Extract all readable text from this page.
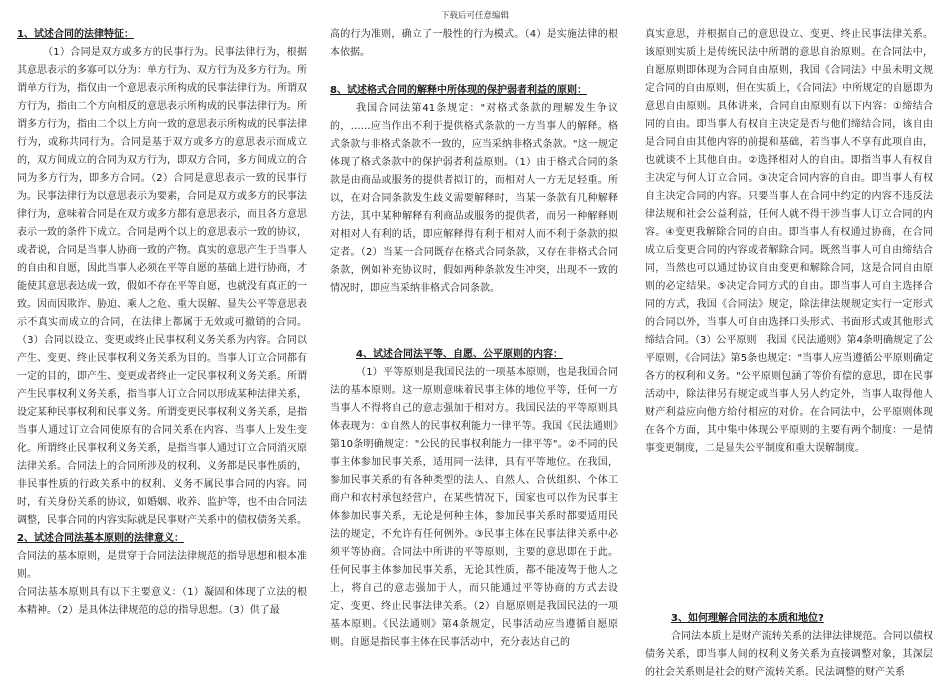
下载后可任意编辑

1、试述合同的法律特征：

（1）合同是双方或多方的民事行为。民事法律行为，根据其意思表示的多寡可以分为：单方行为、双方行为及多方行为。所谓单方行为，指仅由一个意思表示所构成的民事法律行为。所谓双方行为，指由二个方向相反的意思表示所构成的民事法律行为。所谓多方行为，指由二个以上方向一致的意思表示所构成的民事法律行为，或称共同行为。合同是基于双方或多方的意思表示而成立的，双方间成立的合同为双方行为，即双方合同，多方间成立的合同为多方行为，即多方合同。（2）合同是意思表示一致的民事行为。民事法律行为以意思表示为要素，合同是双方或多方的民事法律行为，意味着合同是在双方或多方都有意思表示，而且各方意思表示一致的条件下成立。合同是两个以上的意思表示一致的协议，或者说，合同是当事人协商一致的产物。真实的意思产生于当事人的自由和自愿，因此当事人必须在平等自愿的基础上进行协商，才能使其意思表达成一致，假如不存在平等自愿，也就没有真正的一致。因而因欺诈、胁迫、乘人之危、重大误解、显失公平等意思表示不真实而成立的合同，在法律上都属于无效或可撤销的合同。（3）合同以设立、变更或终止民事权利义务关系为内容。合同以产生、变更、终止民事权利义务关系为目的。当事人订立合同都有一定的目的，即产生、变更或者终止一定民事权利义务关系。所谓产生民事权利义务关系，指当事人订立合同以形成某种法律关系，设定某种民事权利和民事义务。所谓变更民事权利义务关系，是指当事人通过订立合同使原有的合同关系在内容、当事人上发生变化。所谓终止民事权利义务关系，是指当事人通过订立合同消灭原法律关系。合同法上的合同所涉及的权利、义务都是民事性质的，非民事性质的行政关系中的权利、义务不属民事合同的内容。同时，有关身份关系的协议，如婚姻、收养、监护等，也不由合同法调整，民事合同的内容实际就是民事财产关系中的债权债务关系。

2、试述合同法基本原则的法律意义：

合同法的基本原则，是贯穿于合同法法律规范的指导思想和根本准则。

合同法基本原则具有以下主要意义：（1）凝固和体现了立法的根本精神。（2）是具体法律规范的总的指导思想。（3）供了最

高的行为准则，确立了一般性的行为模式。（4）是实施法律的根本依据。

8、试述格式合同的解释中所体现的保护弱者利益的原则：

我国合同法第41条规定："对格式条款的理解发生争议的，……应当作出不利于提供格式条款的一方当事人的解释。格式条款与非格式条款不一致的，应当采纳非格式条款。"这一规定体现了格式条款中的保护弱者利益原则。（1）由于格式合同的条款是由商品或服务的提供者拟订的，而相对人一方无足轻重。所以，在对合同条款发生歧义需要解释时，当某一条款有几种解释方法，其中某种解释有利商品或服务的提供者，而另一种解释则对相对人有利的话，即应解释得有利于相对人而不利于条款的拟定者。（2）当某一合同既存在格式合同条款，又存在非格式合同条款，例如补充协议时，假如两种条款发生冲突，出现不一致的情况时，即应当采纳非格式合同条款。

4、试述合同法平等、自愿、公平原则的内容：

（1）平等原则是我国民法的一项基本原则，也是我国合同法的基本原则。这一原则意味着民事主体的地位平等，任何一方当事人不得将自己的意志强加于相对方。我国民法的平等原则具体表现为：①自然人的民事权利能力一律平等。我国《民法通则》第10条明确规定："公民的民事权利能力一律平等"。②不同的民事主体参加民事关系，适用同一法律，具有平等地位。在我国，参加民事关系的有各种类型的法人、自然人、合伙组织、个体工商户和农村承包经营户，在某些情况下，国家也可以作为民事主体参加民事关系，无论是何种主体，参加民事关系时都要适用民法的规定，不允许有任何例外。③民事主体在民事法律关系中必须平等协商。合同法中所讲的平等原则，主要的意思即在于此。任何民事主体参加民事关系，无论其性质，都不能凌驾于他人之上，将自己的意志强加于人，而只能通过平等协商的方式去设定、变更、终止民事法律关系。（2）自愿原则是我国民法的一项基本原则。《民法通则》第4条规定，民事活动应当遵循自愿原则。自愿是指民事主体在民事活动中，充分表达自己的

真实意思，并根据自己的意思设立、变更、终止民事法律关系。该原则实质上是传统民法中所谓的意思自治原则。在合同法中，自愿原则即体现为合同自由原则，我国《合同法》中虽未明文规定合同的自由原则，但在实质上，《合同法》中所规定的自愿即为意思自由原则。具体讲来，合同自由原则有以下内容：①缔结合同的自由。即当事人有权自主决定是否与他们缔结合同，该自由是合同自由其他内容的前提和基础，若当事人不享有此项自由，也就谈不上其他自由。②选择相对人的自由。即指当事人有权自主决定与何人订立合同。③决定合同内容的自由。即当事人有权自主决定合同的内容。只要当事人在合同中约定的内容不违反法律法规和社会公益利益，任何人就不得干涉当事人订立合同的内容。④变更我解除合同的自由。即当事人有权通过协商，在合同成立后变更合同的内容或者解除合同。既然当事人可自由缔结合同，当然也可以通过协议自由变更和解除合同，这是合同自由原则的必定结果。⑤决定合同方式的自由。即当事人可自主选择合同的方式，我国《合同法》规定，除法律法规规定实行一定形式的合同以外，当事人可自由选择口头形式、书面形式或其他形式缔结合同。（3）公平原则　我国《民法通则》第4条明确规定了公平原则，《合同法》第5条也规定："当事人应当遵循公平原则确定各方的权利和义务。"公平原则包涵了等价有偿的意思，即在民事活动中，除法律另有规定或当事人另人约定外，当事人取得他人财产利益应向他方给付相应的对价。在合同法中，公平原则体现在各个方面，其中集中体现公平原则的主要有两个制度：一是情事变更制度，二是显失公平制度和重大误解制度。

3、如何理解合同法的本质和地位?

合同法本质上是财产流转关系的法律法律规范。合同以债权债务关系，即当事人间的权利义务关系为直接调整对象，其深层的社会关系则是社会的财产流转关系。民法调整的财产关系
